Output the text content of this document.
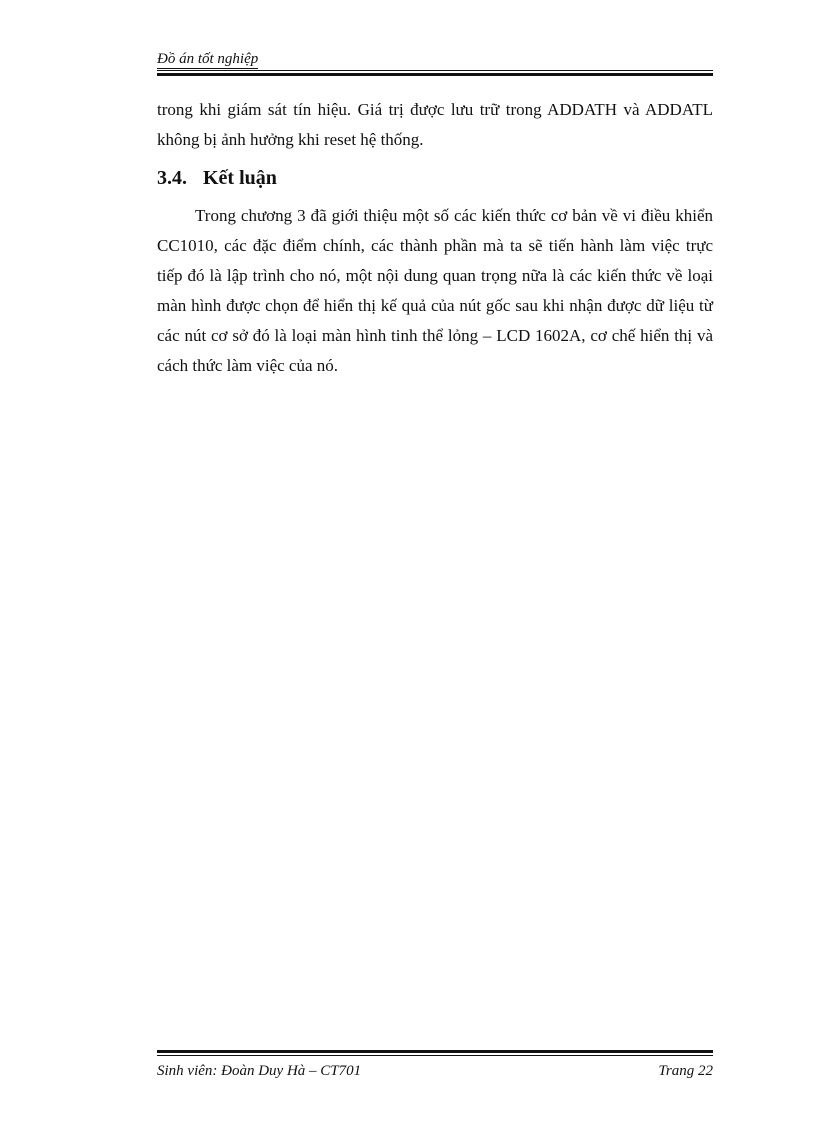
Đồ án tốt nghiệp

trong khi giám sát tín hiệu. Giá trị được lưu trữ trong ADDATH và ADDATL không bị ảnh hưởng khi reset hệ thống.

3.4. Kết luận

Trong chương 3 đã giới thiệu một số các kiến thức cơ bản về vi điều khiển CC1010, các đặc điểm chính, các thành phần mà ta sẽ tiến hành làm việc trực tiếp đó là lập trình cho nó, một nội dung quan trọng nữa là các kiến thức về loại màn hình được chọn để hiển thị kế quả của nút gốc sau khi nhận được dữ liệu từ các nút cơ sở đó là loại màn hình tinh thể lỏng – LCD 1602A, cơ chế hiển thị và cách thức làm việc của nó.

Sinh viên: Đoàn Duy Hà – CT701	Trang 22
